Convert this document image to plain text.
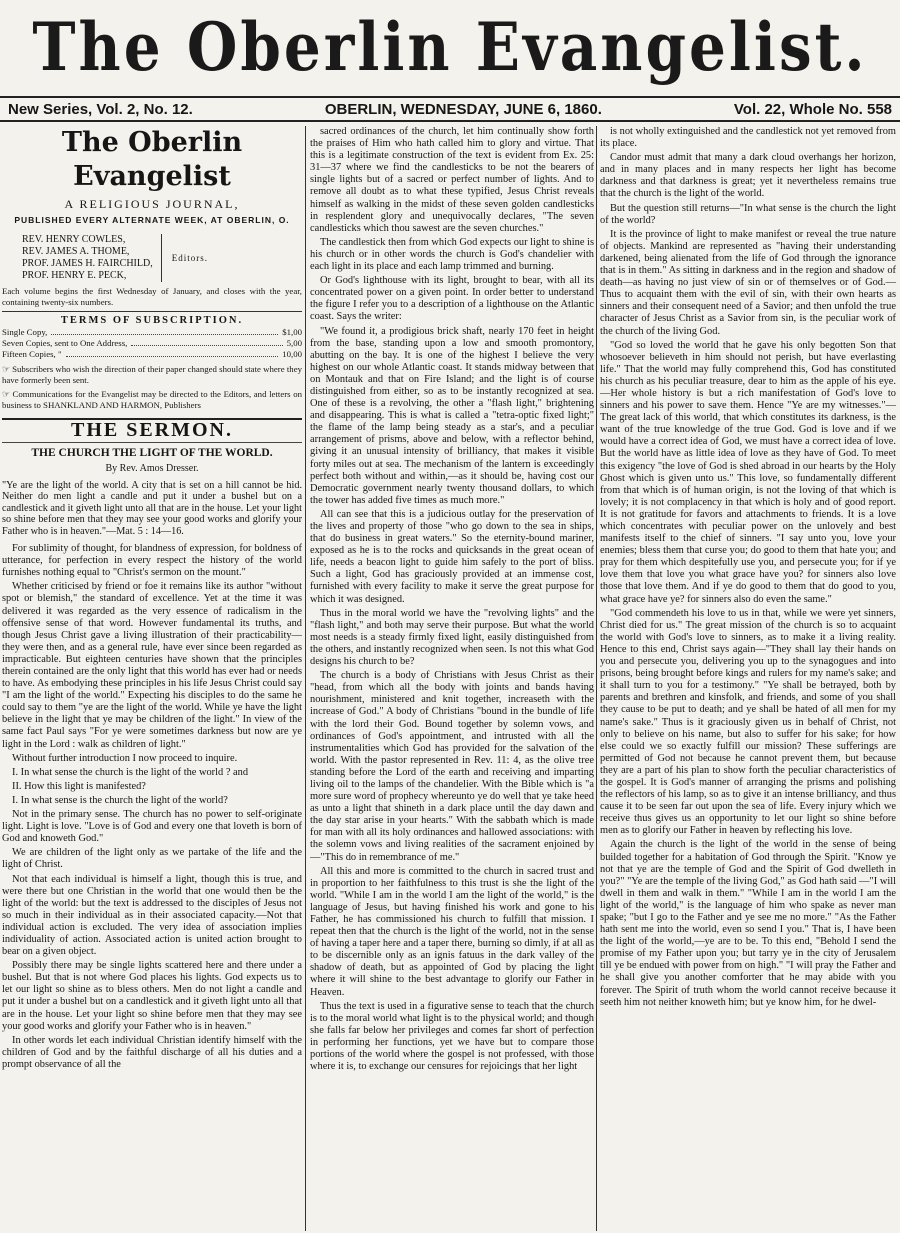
The Oberlin Evangelist.
New Series, Vol. 2, No. 12.	OBERLIN, WEDNESDAY, JUNE 6, 1860.	Vol. 22, Whole No. 558
The Oberlin Evangelist
A RELIGIOUS JOURNAL,
PUBLISHED EVERY ALTERNATE WEEK, AT OBERLIN, O.
REV. HENRY COWLES,
REV. JAMES A. THOME,
PROF. JAMES H. FAIRCHILD,
PROF. HENRY E. PECK,
Editors.
Each volume begins the first Wednesday of January, and closes with the year, containing twenty-six numbers.
TERMS OF SUBSCRIPTION.
Single Copy,	$1,00
Seven Copies, sent to One Address,	5,00
Fifteen Copies, "	10,00
☞ Subscribers who wish the direction of their paper changed should state where they have formerly been sent.
☞ Communications for the Evangelist may be directed to the Editors, and letters on business to SHANKLAND AND HARMON, Publishers
THE SERMON.
THE CHURCH THE LIGHT OF THE WORLD.
By Rev. Amos Dresser.
"Ye are the light of the world. A city that is set on a hill cannot be hid. Neither do men light a candle and put it under a bushel but on a candlestick and it giveth light unto all that are in the house. Let your light so shine before men that they may see your good works and glorify your Father who is in heaven."—Mat. 5 : 14—16.

For sublimity of thought, for blandness of expression, for boldness of utterance, for perfection in every respect the history of the world furnishes nothing equal to "Christ's sermon on the mount."

Whether criticised by friend or foe it remains like its author "without spot or blemish," the standard of excellence. Yet at the time it was delivered it was regarded as the very essence of radicalism in the offensive sense of that word. However fundamental its truths, and though Jesus Christ gave a living illustration of their practicability—they were then, and as a general rule, have ever since been regarded as impracticable. But eighteen centuries have shown that the principles therein contained are the only light that this world has ever had or needs to have. As embodying these principles in his life Jesus Christ could say "I am the light of the world." Expecting his disciples to do the same he could say to them "ye are the light of the world. While ye have the light believe in the light that ye may be children of the light." In view of the same fact Paul says "For ye were sometimes darkness but now are ye light in the Lord : walk as children of light."

Without further introduction I now proceed to inquire.

I. In what sense the church is the light of the world ? and

II. How this light is manifested?

I. In what sense is the church the light of the world?

Not in the primary sense. The church has no power to self-originate light. Light is love. "Love is of God and every one that loveth is born of God and knoweth God."

We are children of the light only as we partake of the life and the light of Christ.

Not that each individual is himself a light, though this is true, and were there but one Christian in the world that one would then be the light of the world: but the text is addressed to the disciples of Jesus not so much in their individual as in their associated capacity.—Not that individual action is excluded. The very idea of association implies individuality of action. Associated action is united action brought to bear on a given object.

Possibly there may be single lights scattered here and there under a bushel. But that is not where God places his lights. God expects us to let our light so shine as to bless others. Men do not light a candle and put it under a bushel but on a candlestick and it giveth light unto all that are in the house. Let your light so shine before men that they may see your good works and glorify your Father who is in heaven."

In other words let each individual Christian identify himself with the children of God and by the faithful discharge of all his duties and a prompt observance of all the

sacred ordinances of the church, let him continually show forth the praises of Him who hath called him to glory and virtue. That this is a legitimate construction of the text is evident from Ex. 25: 31—37 where we find the candlesticks to be not the bearers of single lights but of a sacred or perfect number of lights. And to remove all doubt as to what these typified, Jesus Christ reveals himself as walking in the midst of these seven golden candlesticks in resplendent glory and unequivocally declares, "The seven candlesticks which thou sawest are the seven churches."

The candlestick then from which God expects our light to shine is his church or in other words the church is God's chandelier with each light in its place and each lamp trimmed and burning.

Or God's lighthouse with its light, brought to bear, with all its concentrated power on a given point. In order better to understand the figure I refer you to a description of a lighthouse on the Atlantic coast. Says the writer:

"We found it, a prodigious brick shaft, nearly 170 feet in height from the base, standing upon a low and smooth promontory, abutting on the bay. It is one of the highest I believe the very highest on our whole Atlantic coast. It stands midway between that on Montauk and that on Fire Island; and the light is of course distinguished from either, so as to be instantly recognized at sea. One of these is a revolving, the other a "flash light," brightening and disappearing. This is what is called a "tetra-optic fixed light;" the flame of the lamp being steady as a star's, and a peculiar arrangement of prisms, above and below, with a reflector behind, giving it an unusual intensity of brilliancy, that makes it visible forty miles out at sea. The mechanism of the lantern is exceedingly perfect both without and within,—as it should be, having cost our Democratic government nearly twenty thousand dollars, to which the tower has added five times as much more."

All can see that this is a judicious outlay for the preservation of the lives and property of those "who go down to the sea in ships, that do business in great waters." So the eternity-bound mariner, exposed as he is to the rocks and quicksands in the great ocean of life, needs a beacon light to guide him safely to the port of bliss. Such a light, God has graciously provided at an immense cost, furnished with every facility to make it serve the great purpose for which it was designed.

Thus in the moral world we have the "revolving lights" and the "flash light," and both may serve their purpose. But what the world most needs is a steady firmly fixed light, easily distinguished from the others, and instantly recognized when seen. Is not this what God designs his church to be?

The church is a body of Christians with Jesus Christ as their "head, from which all the body with joints and bands having nourishment, ministered and knit together, increaseth with the increase of God." A body of Christians "bound in the bundle of life with the lord their God. Bound together by solemn vows, and ordinances of God's appointment, and intrusted with all the instrumentalities which God has provided for the salvation of the world. With the pastor represented in Rev. 11: 4, as the olive tree standing before the Lord of the earth and receiving and imparting living oil to the lamps of the chandelier. With the Bible which is "a more sure word of prophecy whereunto ye do well that ye take heed as unto a light that shineth in a dark place until the day dawn and the day star arise in your hearts." With the sabbath which is made for man with all its holy ordinances and hallowed associations: with the solemn vows and living realities of the sacrament enjoined by—"This do in remembrance of me."

All this and more is committed to the church in sacred trust and in proportion to her faithfulness to this trust is she the light of the world. "While I am in the world I am the light of the world," is the language of Jesus, but having finished his work and gone to his Father, he has commissioned his church to fulfill that mission. I repeat then that the church is the light of the world, not in the sense of having a taper here and a taper there, burning so dimly, if at all as to be discernible only as an ignis fatuus in the dark valley of the shadow of death, but as appointed of God by placing the light where it will shine to the best advantage to glorify our Father in Heaven.

Thus the text is used in a figurative sense to teach that the church is to the moral world what light is to the physical world; and though she falls far below her privileges and comes far short of perfection in performing her functions, yet we have but to compare those portions of the world where the gospel is not professed, with those where it is, to exchange our censures for rejoicings that her light

is not wholly extinguished and the candlestick not yet removed from its place.

Candor must admit that many a dark cloud overhangs her horizon, and in many places and in many respects her light has become darkness and that darkness is great; yet it nevertheless remains true that the church is the light of the world.

But the question still returns—"In what sense is the church the light of the world?

It is the province of light to make manifest or reveal the true nature of objects. Mankind are represented as "having their understanding darkened, being alienated from the life of God through the ignorance that is in them." As sitting in darkness and in the region and shadow of death—as having no just view of sin or of themselves or of God.—Thus to acquaint them with the evil of sin, with their own hearts as sinners and their consequent need of a Savior; and then unfold the true character of Jesus Christ as a Savior from sin, is the peculiar work of the church of the living God.

"God so loved the world that he gave his only begotten Son that whosoever believeth in him should not perish, but have everlasting life." That the world may fully comprehend this, God has constituted his church as his peculiar treasure, dear to him as the apple of his eye.—Her whole history is but a rich manifestation of God's love to sinners and his power to save them. Hence "Ye are my witnesses."—The great lack of this world, that which constitutes its darkness, is the want of the true knowledge of the true God. God is love and if we would have a correct idea of God, we must have a correct idea of love. But the world have as little idea of love as they have of God. To meet this exigency "the love of God is shed abroad in our hearts by the Holy Ghost which is given unto us." This love, so fundamentally different from that which is of human origin, is not the loving of that which is lovely; it is not complacency in that which is holy and of good report. It is not gratitude for favors and attachments to friends. It is a love which concentrates with peculiar power on the unlovely and best manifests itself to the chief of sinners. "I say unto you, love your enemies; bless them that curse you; do good to them that hate you; and pray for them which despitefully use you, and persecute you; for if ye love them that love you what grace have you? for sinners also love those that love them. And if ye do good to them that do good to you, what grace have ye? for sinners also do even the same."

"God commendeth his love to us in that, while we were yet sinners, Christ died for us." The great mission of the church is so to acquaint the world with God's love to sinners, as to make it a living reality. Hence to this end, Christ says again—"They shall lay their hands on you and persecute you, delivering you up to the synagogues and into prisons, being brought before kings and rulers for my name's sake; and it shall turn to you for a testimony." "Ye shall be betrayed, both by parents and brethren and kinsfolk, and friends, and some of you shall they cause to be put to death; and ye shall be hated of all men for my name's sake." Thus is it graciously given us in behalf of Christ, not only to believe on his name, but also to suffer for his sake; for how else could we so exactly fulfill our mission? These sufferings are permitted of God not because he cannot prevent them, but because they are a part of his plan to show forth the peculiar characteristics of the gospel. It is God's manner of arranging the prisms and polishing the reflectors of his lamp, so as to give it an intense brilliancy, and thus cause it to be seen far out upon the sea of life. Every injury which we receive thus gives us an opportunity to let our light so shine before men as to glorify our Father in heaven by reflecting his love.

Again the church is the light of the world in the sense of being builded together for a habitation of God through the Spirit. "Know ye not that ye are the temple of God and the Spirit of God dwelleth in you?" "Ye are the temple of the living God," as God hath said —"I will dwell in them and walk in them." "While I am in the world I am the light of the world," is the language of him who spake as never man spake; "but I go to the Father and ye see me no more." "As the Father hath sent me into the world, even so send I you." That is, I have been the light of the world,—ye are to be. To this end, "Behold I send the promise of my Father upon you; but tarry ye in the city of Jerusalem till ye be endued with power from on high." "I will pray the Father and he shall give you another comforter that he may abide with you forever. The Spirit of truth whom the world cannot receive because it seeth him not neither knoweth him; but ye know him, for he dwel-
